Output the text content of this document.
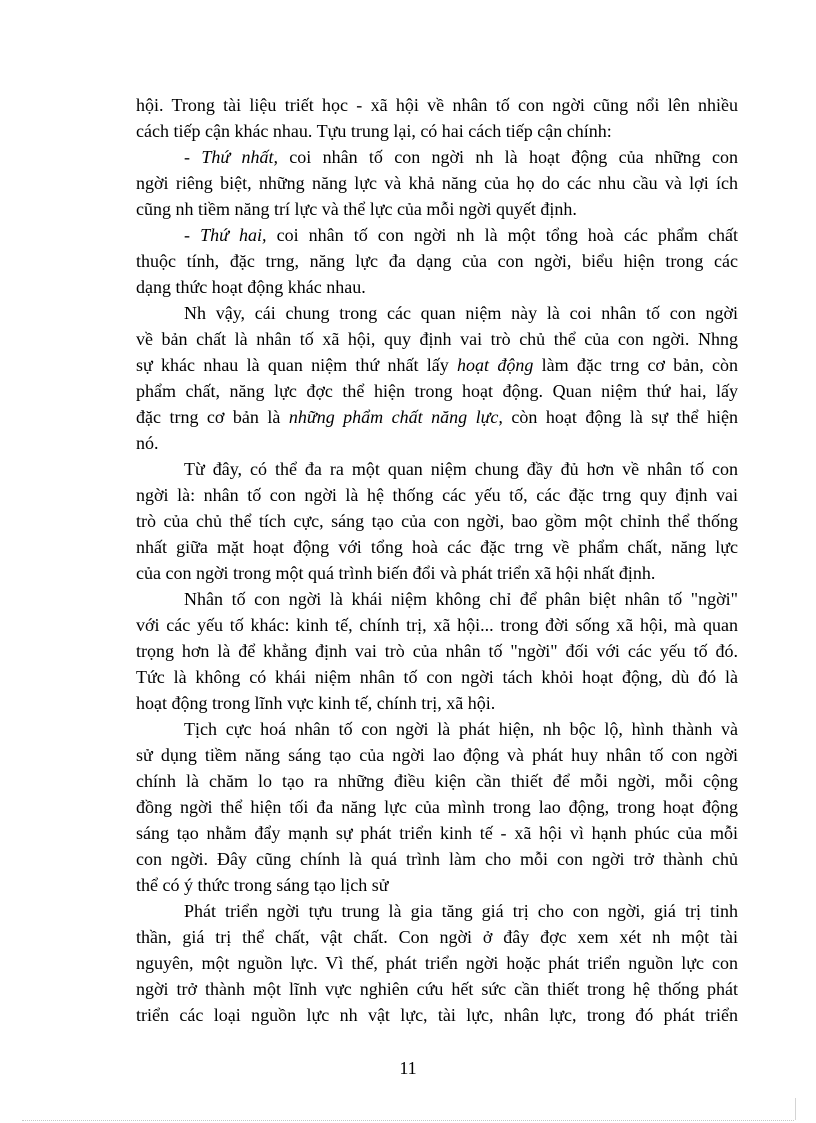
hội. Trong tài liệu triết học - xã hội về nhân tố con ngời cũng nổi lên nhiều
cách tiếp cận khác nhau. Tựu trung lại, có hai cách tiếp cận chính:
- Thứ nhất, coi nhân tố con ngời nh là hoạt động của những con
ngời riêng biệt, những năng lực và khả năng của họ do các nhu cầu và lợi ích
cũng nh tiềm năng trí lực và thể lực của mỗi ngời quyết định.
- Thứ hai, coi nhân tố con ngời nh là một tổng hoà các phẩm chất
thuộc tính, đặc trng, năng lực đa dạng của con ngời, biểu hiện trong các
dạng thức hoạt động khác nhau.
Nh vậy, cái chung trong các quan niệm này là coi nhân tố con ngời
về bản chất là nhân tố xã hội, quy định vai trò chủ thể của con ngời. Nhng
sự khác nhau là quan niệm thứ nhất lấy hoạt động làm đặc trng cơ bản, còn
phẩm chất, năng lực đợc thể hiện trong hoạt động. Quan niệm thứ hai, lấy
đặc trng cơ bản là những phẩm chất năng lực, còn hoạt động là sự thể hiện
nó.
Từ đây, có thể đa ra một quan niệm chung đầy đủ hơn về nhân tố con
ngời là: nhân tố con ngời là hệ thống các yếu tố, các đặc trng quy định vai
trò của chủ thể tích cực, sáng tạo của con ngời, bao gồm một chỉnh thể thống
nhất giữa mặt hoạt động với tổng hoà các đặc trng về phẩm chất, năng lực
của con ngời trong một quá trình biến đổi và phát triển xã hội nhất định.
Nhân tố con ngời là khái niệm không chỉ để phân biệt nhân tố "ngời"
với các yếu tố khác: kinh tế, chính trị, xã hội... trong đời sống xã hội, mà quan
trọng hơn là để khẳng định vai trò của nhân tố "ngời" đối với các yếu tố đó.
Tức là không có khái niệm nhân tố con ngời tách khỏi hoạt động, dù đó là
hoạt động trong lĩnh vực kinh tế, chính trị, xã hội.
Tịch cực hoá nhân tố con ngời là phát hiện, nh bộc lộ, hình thành và
sử dụng tiềm năng sáng tạo của ngời lao động và phát huy nhân tố con ngời
chính là chăm lo tạo ra những điều kiện cần thiết để mỗi ngời, mỗi cộng
đồng ngời thể hiện tối đa năng lực của mình trong lao động, trong hoạt động
sáng tạo nhằm đẩy mạnh sự phát triển kinh tế - xã hội vì hạnh phúc của mỗi
con ngời. Đây cũng chính là quá trình làm cho mỗi con ngời trở thành chủ
thể có ý thức trong sáng tạo lịch sử
Phát triển ngời tựu trung là gia tăng giá trị cho con ngời, giá trị tinh
thần, giá trị thể chất, vật chất. Con ngời ở đây đợc xem xét nh một tài
nguyên, một nguồn lực. Vì thế, phát triển ngời hoặc phát triển nguồn lực con
ngời trở thành một lĩnh vực nghiên cứu hết sức cần thiết trong hệ thống phát
triển các loại nguồn lực nh vật lực, tài lực, nhân lực, trong đó phát triển
11
